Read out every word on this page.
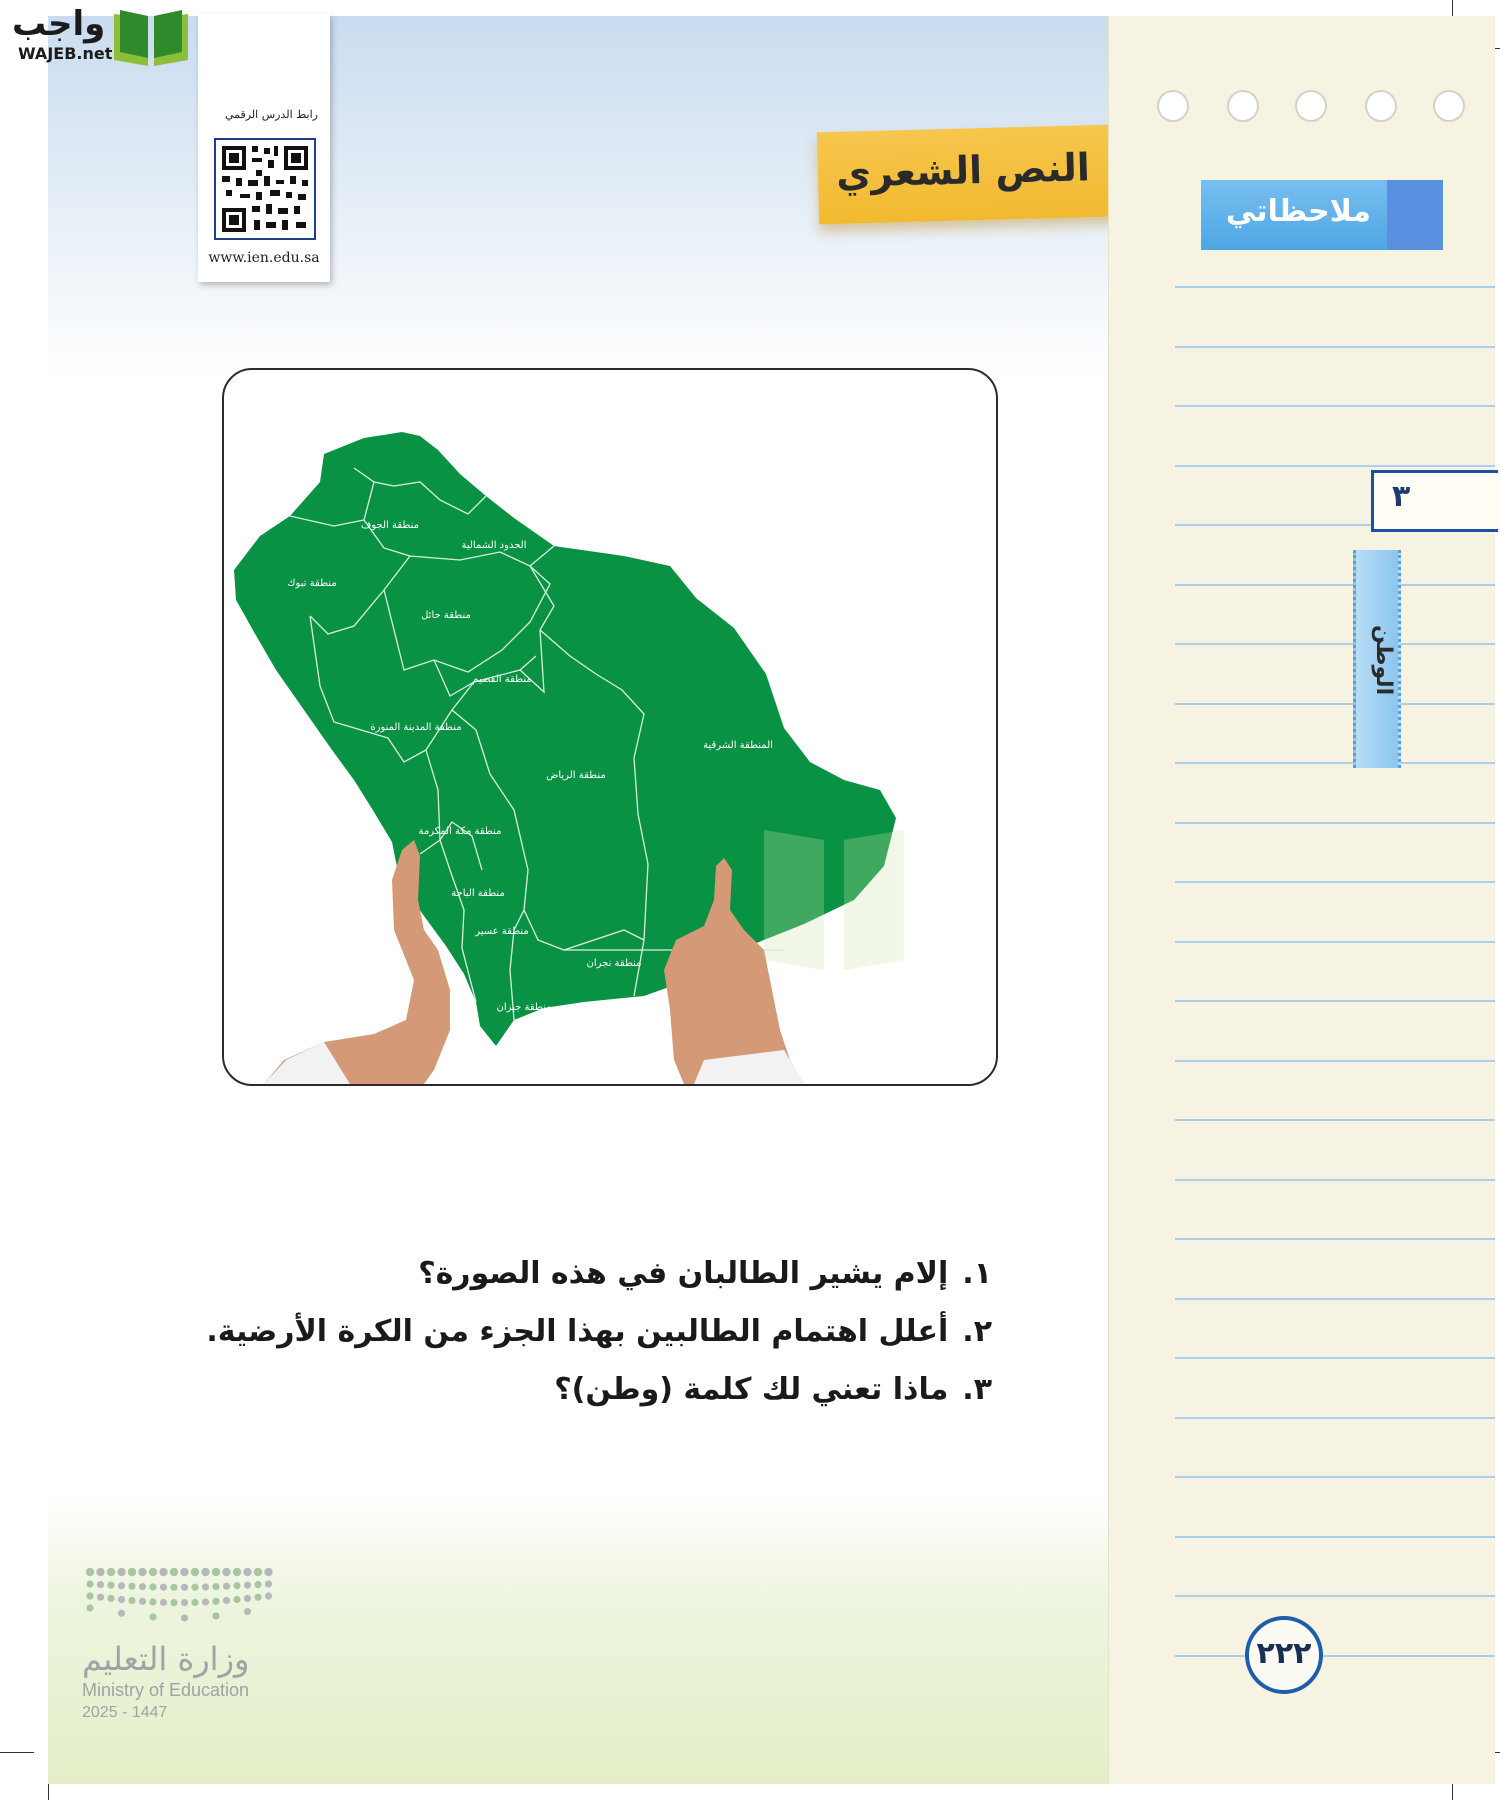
واجب
WAJEB.net
رابط الدرس الرقمي
www.ien.edu.sa
النص الشعري
ملاحظاتي
٣
الوطن
٢٢٢
منطقة الجوف
الحدود الشمالية
منطقة تبوك
منطقة حائل
منطقة القصيم
منطقة المدينة المنورة
المنطقة الشرقية
منطقة الرياض
منطقة مكة المكرمة
منطقة الباحة
منطقة عسير
منطقة نجران
منطقة جيزان
١.إلام يشير الطالبان في هذه الصورة؟
٢.أعلل اهتمام الطالبين بهذا الجزء من الكرة الأرضية.
٣.ماذا تعني لك كلمة (وطن)؟
وزارة التعليم
Ministry of Education
2025 - 1447
